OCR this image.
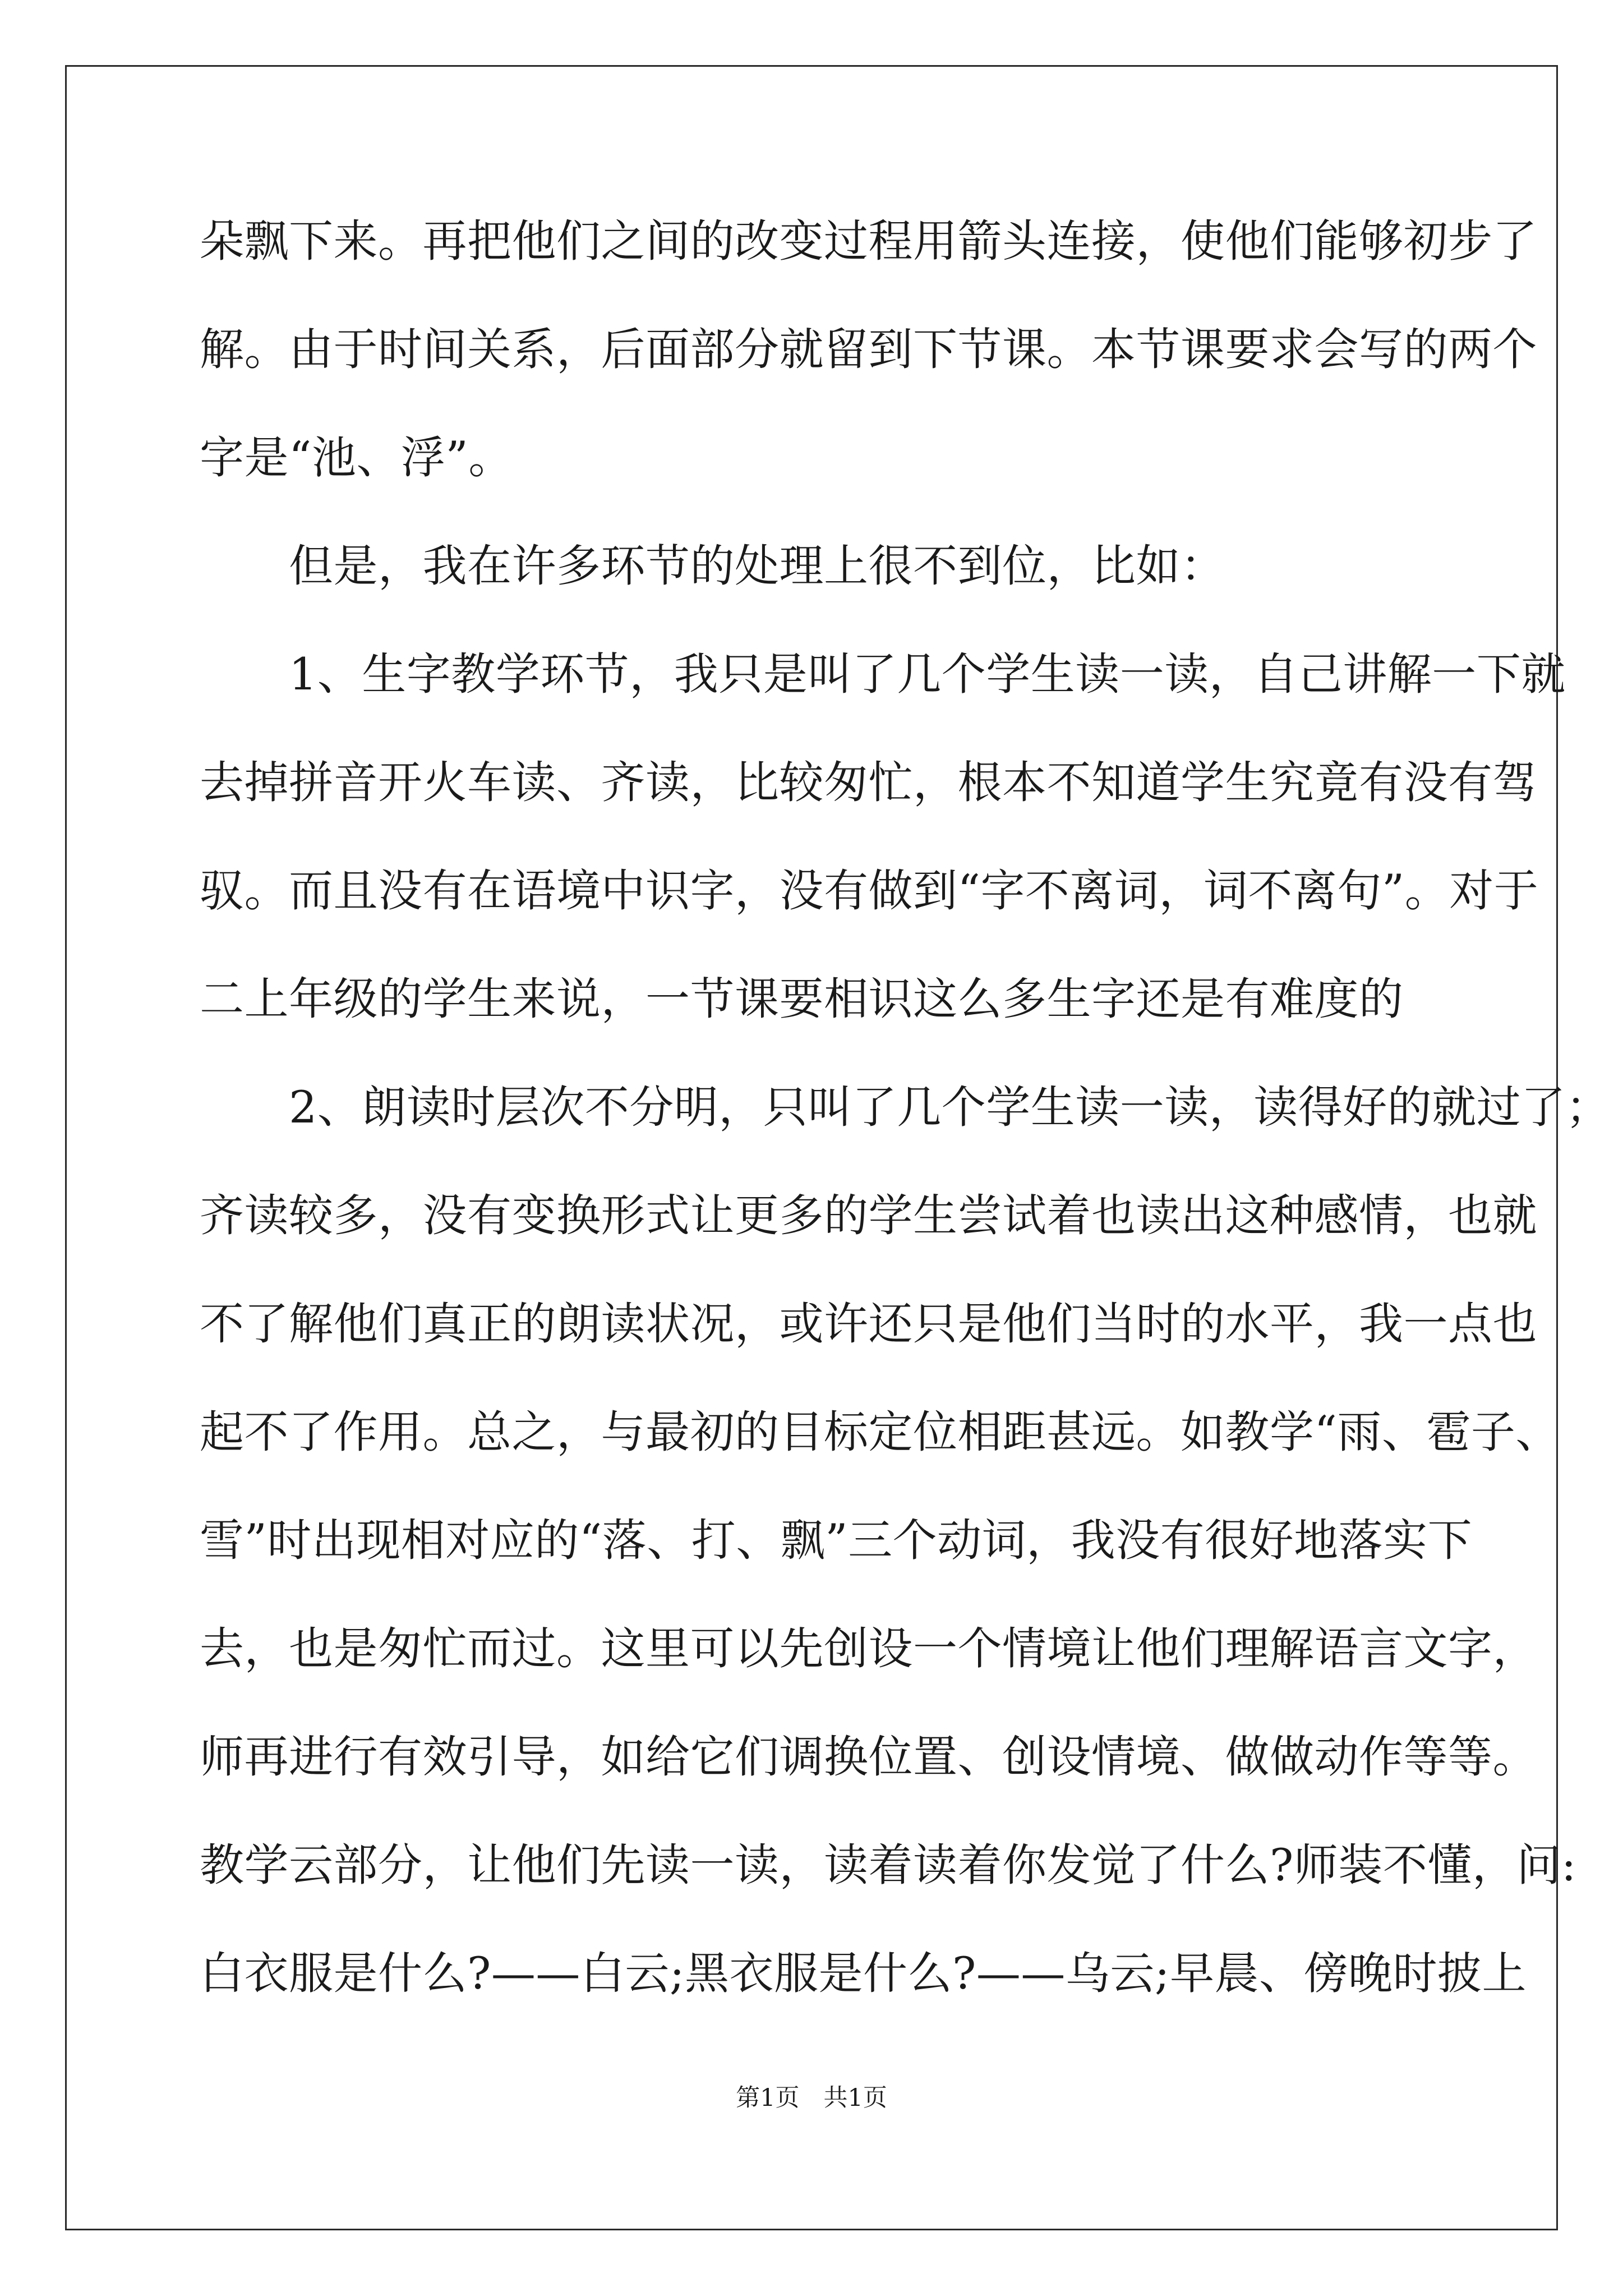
朵飘下来。再把他们之间的改变过程用箭头连接，使他们能够初步了
解。由于时间关系，后面部分就留到下节课。本节课要求会写的两个
字是“池、浮”。
　　但是，我在许多环节的处理上很不到位，比如：
　　1、生字教学环节，我只是叫了几个学生读一读，自己讲解一下就
去掉拼音开火车读、齐读，比较匆忙，根本不知道学生究竟有没有驾
驭。而且没有在语境中识字，没有做到“字不离词，词不离句”。对于
二上年级的学生来说，一节课要相识这么多生字还是有难度的
　　2、朗读时层次不分明，只叫了几个学生读一读，读得好的就过了；
齐读较多，没有变换形式让更多的学生尝试着也读出这种感情，也就
不了解他们真正的朗读状况，或许还只是他们当时的水平，我一点也
起不了作用。总之，与最初的目标定位相距甚远。如教学“雨、雹子、
雪”时出现相对应的“落、打、飘”三个动词，我没有很好地落实下
去，也是匆忙而过。这里可以先创设一个情境让他们理解语言文字，
师再进行有效引导，如给它们调换位置、创设情境、做做动作等等。
教学云部分，让他们先读一读，读着读着你发觉了什么?师装不懂，问:
白衣服是什么?——白云;黑衣服是什么?——乌云;早晨、傍晚时披上
第1页　共1页
